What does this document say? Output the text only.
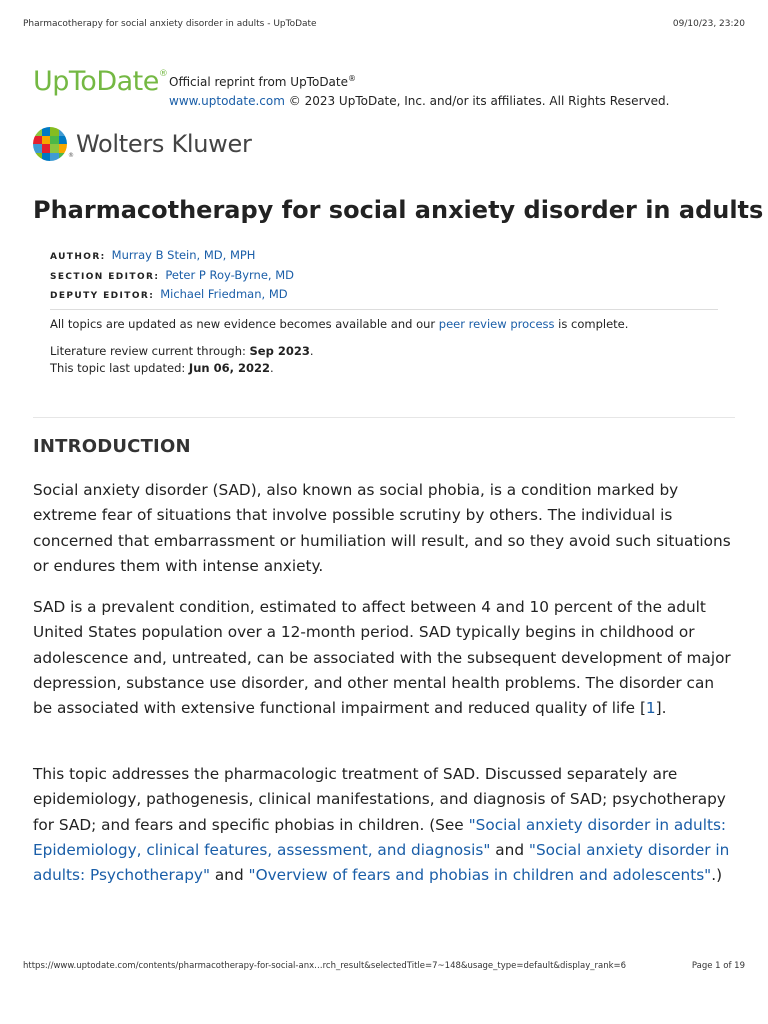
Pharmacotherapy for social anxiety disorder in adults - UpToDate	09/10/23, 23:20
UpToDate®
Official reprint from UpToDate®
www.uptodate.com © 2023 UpToDate, Inc. and/or its affiliates. All Rights Reserved.
® Wolters Kluwer
Pharmacotherapy for social anxiety disorder in adults
AUTHOR: Murray B Stein, MD, MPH
SECTION EDITOR: Peter P Roy-Byrne, MD
DEPUTY EDITOR: Michael Friedman, MD
All topics are updated as new evidence becomes available and our peer review process is complete.
Literature review current through: Sep 2023.
This topic last updated: Jun 06, 2022.
INTRODUCTION

Social anxiety disorder (SAD), also known as social phobia, is a condition marked by extreme fear of situations that involve possible scrutiny by others. The individual is concerned that embarrassment or humiliation will result, and so they avoid such situations or endures them with intense anxiety.

SAD is a prevalent condition, estimated to affect between 4 and 10 percent of the adult United States population over a 12-month period. SAD typically begins in childhood or adolescence and, untreated, can be associated with the subsequent development of major depression, substance use disorder, and other mental health problems. The disorder can be associated with extensive functional impairment and reduced quality of life [1].

This topic addresses the pharmacologic treatment of SAD. Discussed separately are epidemiology, pathogenesis, clinical manifestations, and diagnosis of SAD; psychotherapy for SAD; and fears and specific phobias in children. (See "Social anxiety disorder in adults: Epidemiology, clinical features, assessment, and diagnosis" and "Social anxiety disorder in adults: Psychotherapy" and "Overview of fears and phobias in children and adolescents".)

https://www.uptodate.com/contents/pharmacotherapy-for-social-anx…rch_result&selectedTitle=7~148&usage_type=default&display_rank=6	Page 1 of 19
